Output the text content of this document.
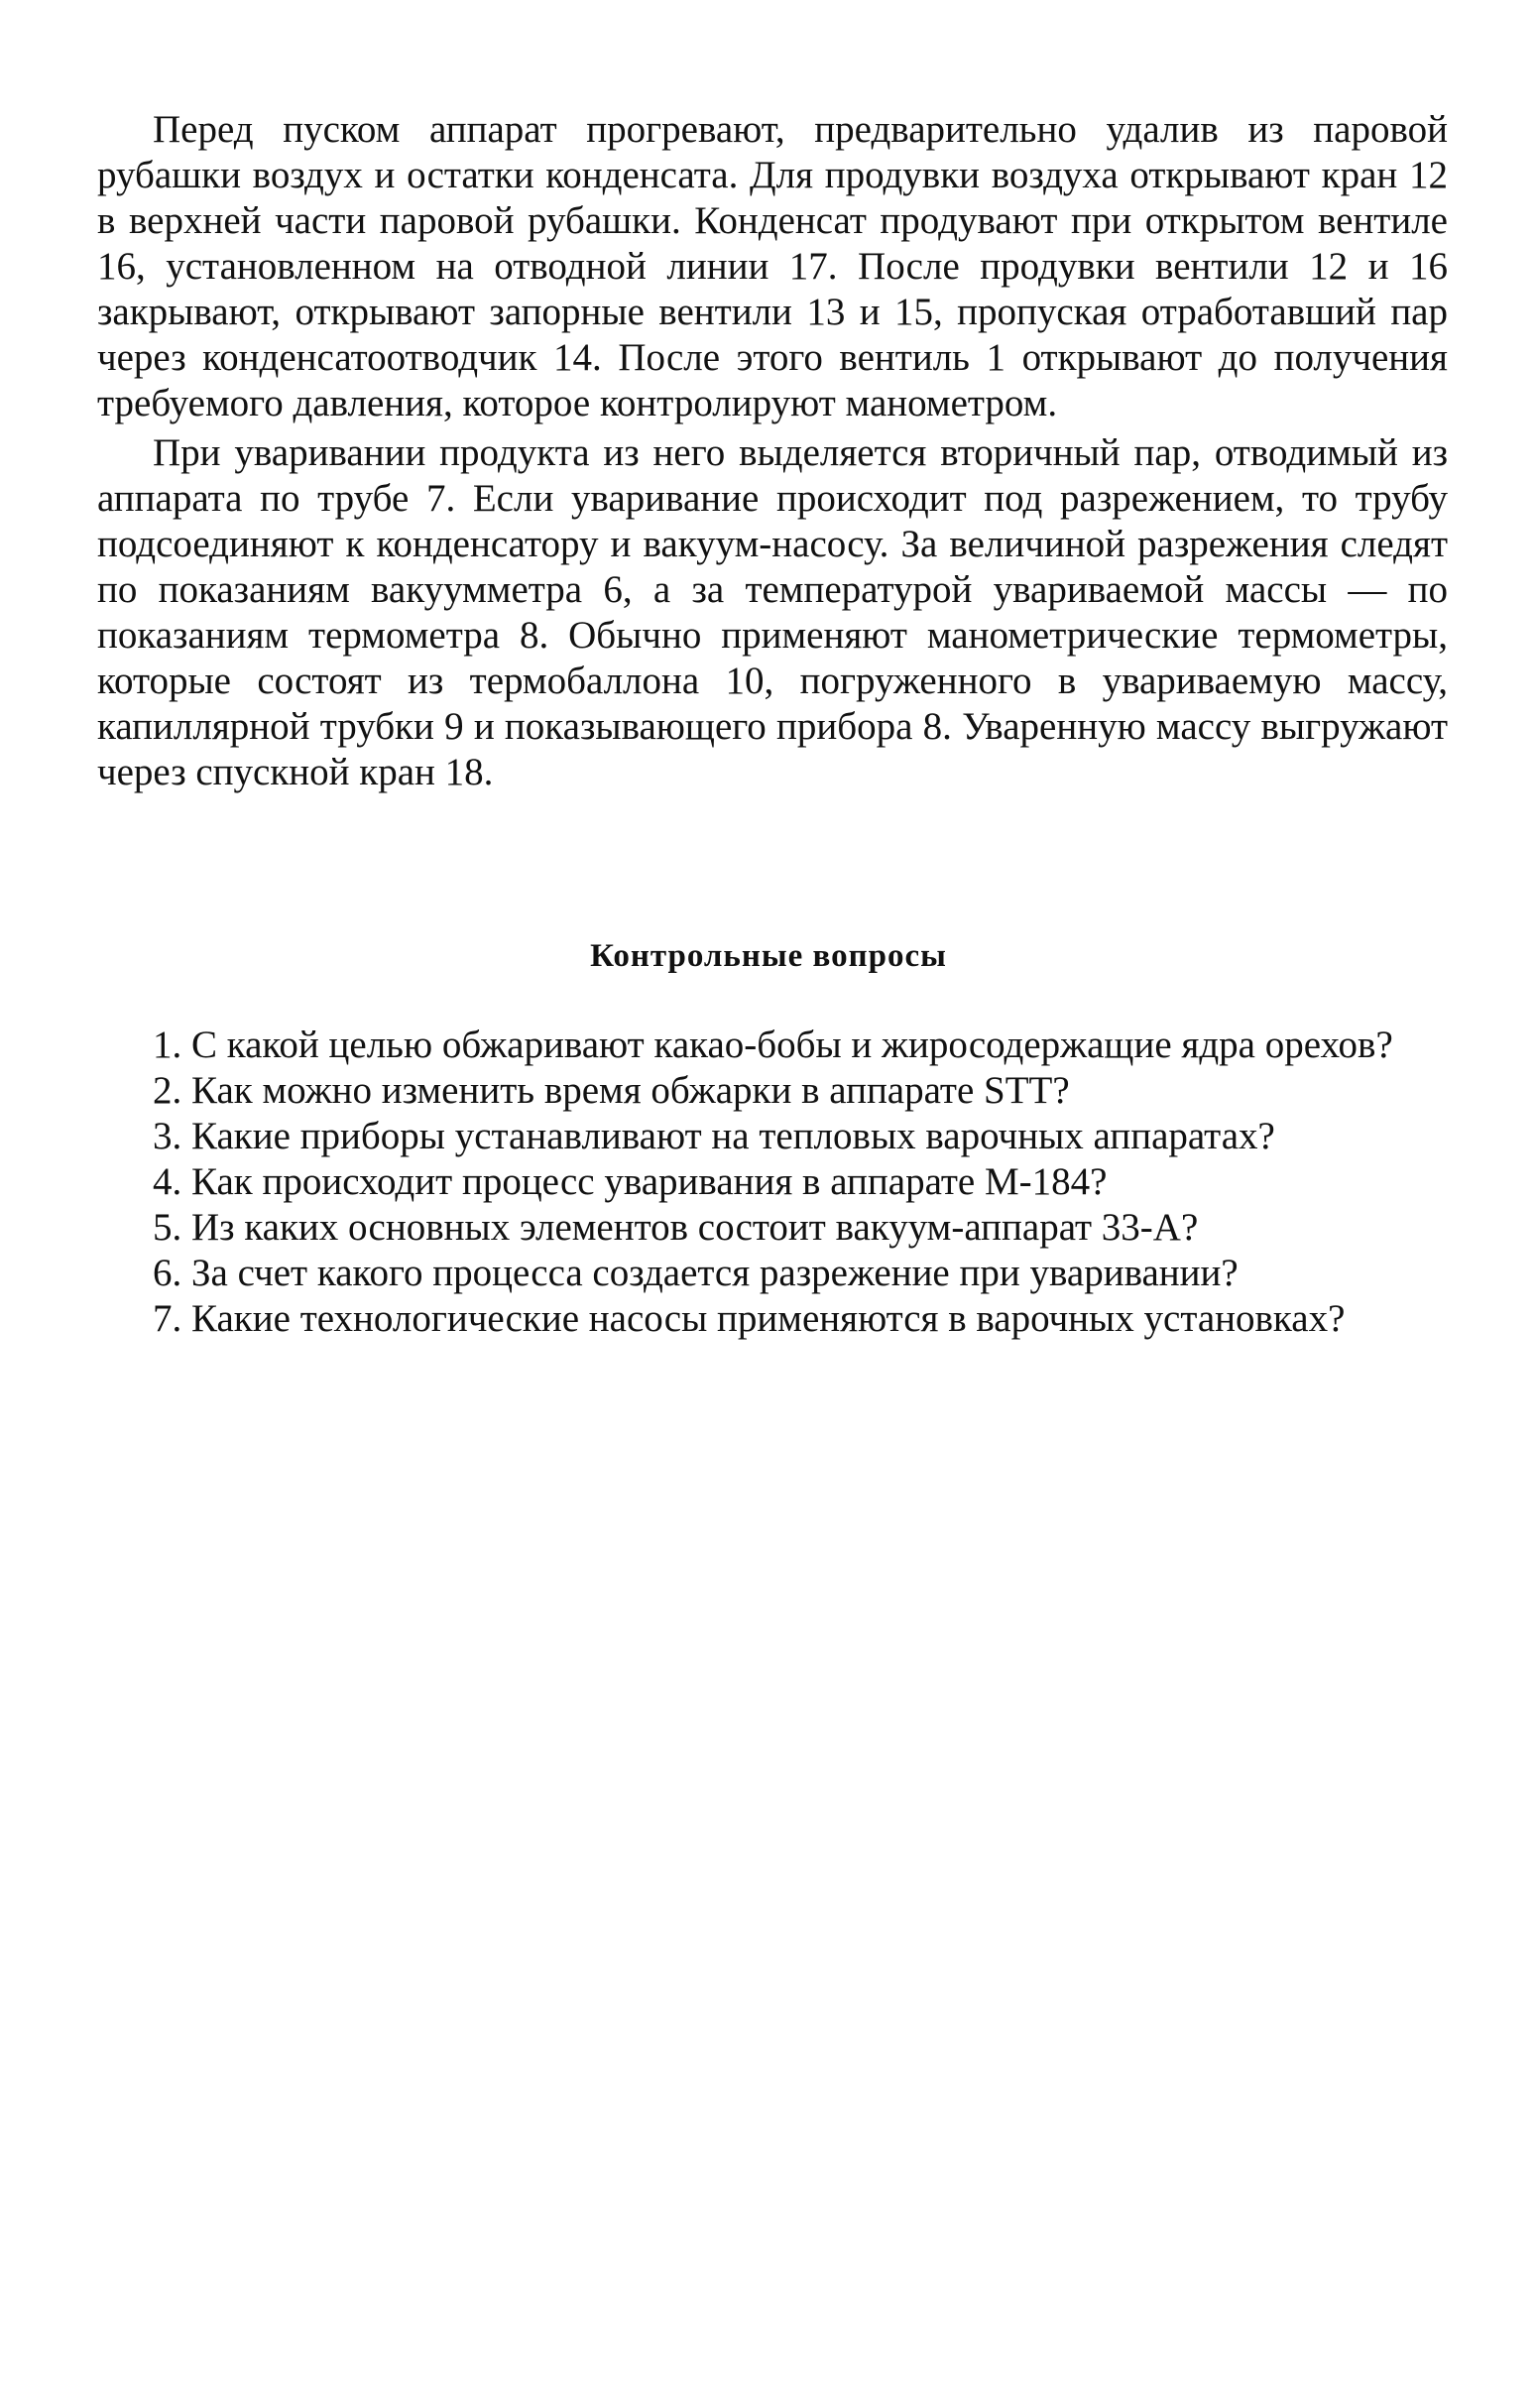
Перед пуском аппарат прогревают, предварительно удалив из паровой рубашки воздух и остатки конденсата. Для продувки воздуха открывают кран 12 в верхней части паровой рубашки. Конденсат продувают при открытом вентиле 16, установленном на отводной линии 17. После продувки вентили 12 и 16 закрывают, открывают запорные вентили 13 и 15, пропуская отработавший пар через конденсатоотводчик 14. После этого вентиль 1 открывают до получения требуемого давления, которое контролируют манометром.

При уваривании продукта из него выделяется вторичный пар, отводимый из аппарата по трубе 7. Если уваривание происходит под разрежением, то трубу подсоединяют к конденсатору и вакуум-насосу. За величиной разрежения следят по показаниям вакуумметра 6, а за температурой увариваемой массы — по показаниям термометра 8. Обычно применяют манометрические термометры, которые состоят из термобаллона 10, погруженного в увариваемую массу, капиллярной трубки 9 и показывающего прибора 8. Уваренную массу выгружают через спускной кран 18.

Контрольные вопросы

1. С какой целью обжаривают какао-бобы и жиросодержащие ядра орехов?

2. Как можно изменить время обжарки в аппарате STT?

3. Какие приборы устанавливают на тепловых варочных аппаратах?

4. Как происходит процесс уваривания в аппарате М-184?

5. Из каких основных элементов состоит вакуум-аппарат 33-А?

6. За счет какого процесса создается разрежение при уваривании?

7. Какие технологические насосы применяются в варочных установках?
